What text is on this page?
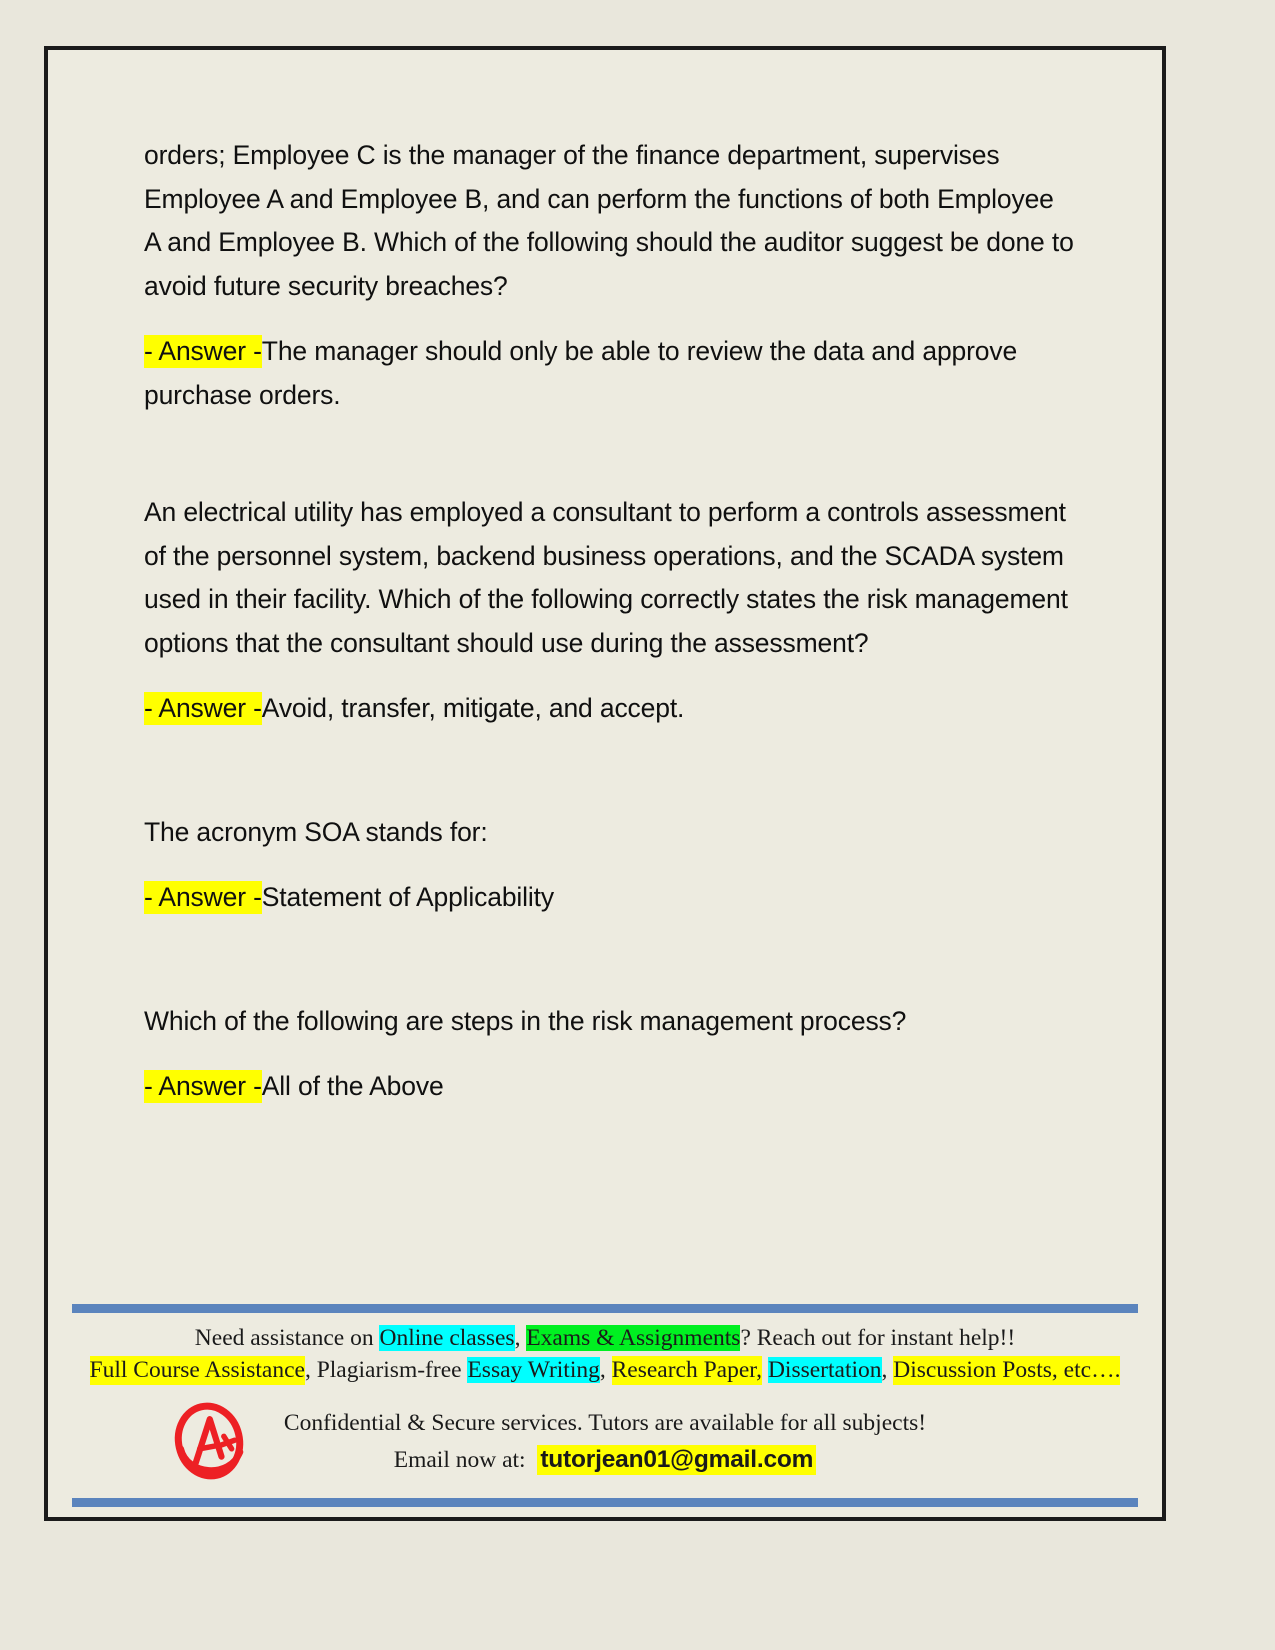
orders; Employee C is the manager of the finance department, supervises Employee A and Employee B, and can perform the functions of both Employee A and Employee B. Which of the following should the auditor suggest be done to avoid future security breaches?

- Answer -The manager should only be able to review the data and approve purchase orders.

An electrical utility has employed a consultant to perform a controls assessment of the personnel system, backend business operations, and the SCADA system used in their facility. Which of the following correctly states the risk management options that the consultant should use during the assessment?

- Answer -Avoid, transfer, mitigate, and accept.

The acronym SOA stands for:

- Answer -Statement of Applicability

Which of the following are steps in the risk management process?

- Answer -All of the Above

Need assistance on Online classes, Exams & Assignments? Reach out for instant help!!
Full Course Assistance, Plagiarism-free Essay Writing, Research Paper, Dissertation, Discussion Posts, etc….
Confidential & Secure services. Tutors are available for all subjects!
Email now at: tutorjean01@gmail.com
